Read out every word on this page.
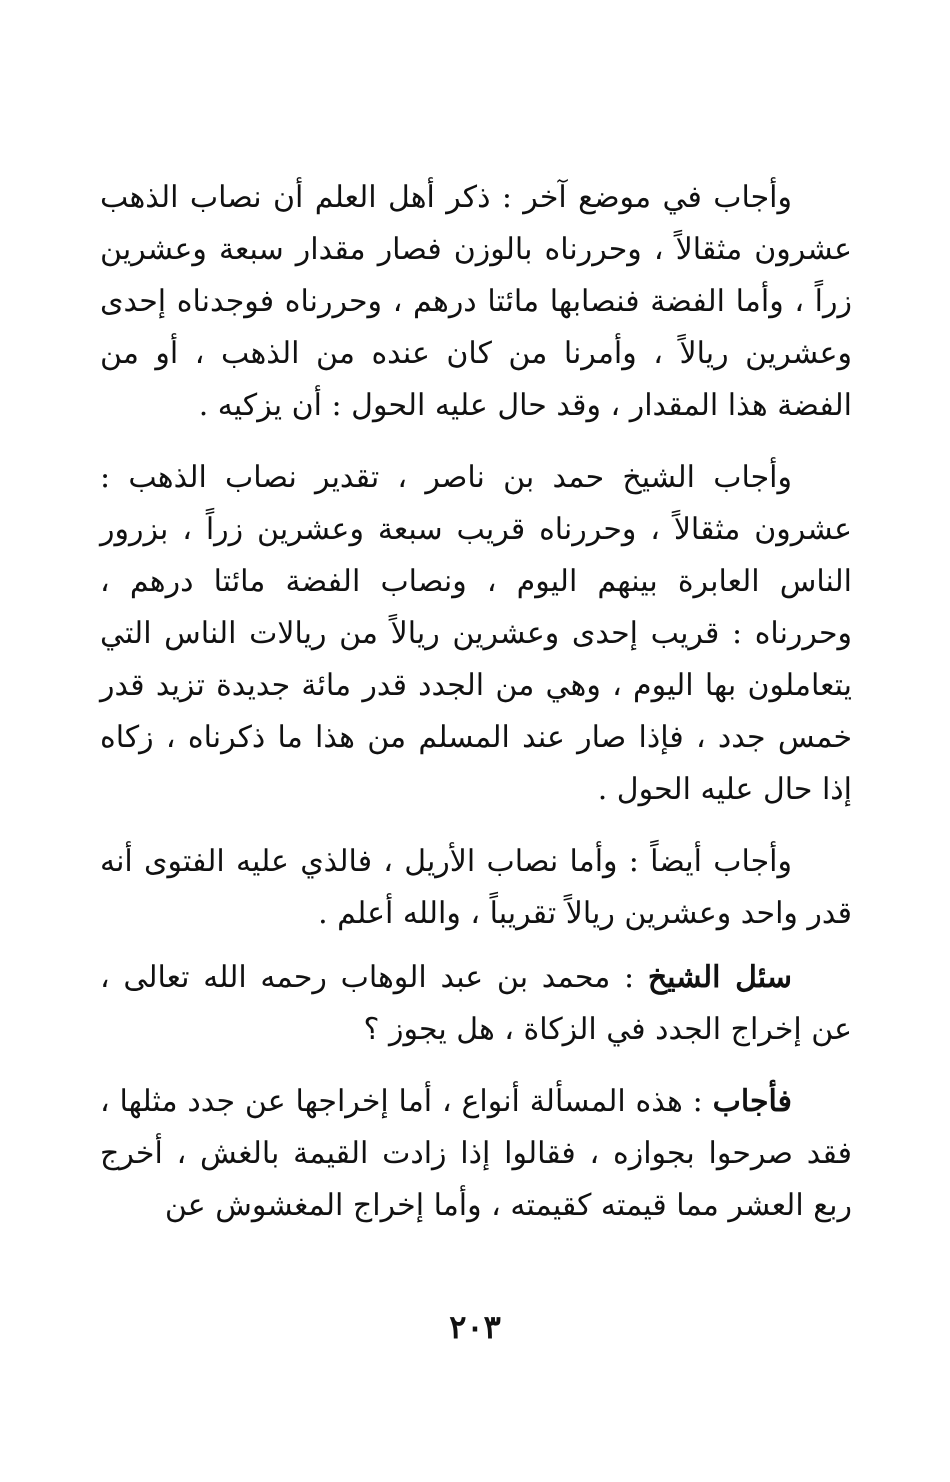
وأجاب في موضع آخر : ذكر أهل العلم أن نصاب الذهب عشرون مثقالاً ، وحررناه بالوزن فصار مقدار سبعة وعشرين زراً ، وأما الفضة فنصابها مائتا درهم ، وحررناه فوجدناه إحدى وعشرين ريالاً ، وأمرنا من كان عنده من الذهب ، أو من الفضة هذا المقدار ، وقد حال عليه الحول : أن يزكيه .

وأجاب الشيخ حمد بن ناصر ، تقدير نصاب الذهب : عشرون مثقالاً ، وحررناه قريب سبعة وعشرين زراً ، بزرور الناس العابرة بينهم اليوم ، ونصاب الفضة مائتا درهم ، وحررناه : قريب إحدى وعشرين ريالاً من ريالات الناس التي يتعاملون بها اليوم ، وهي من الجدد قدر مائة جديدة تزيد قدر خمس جدد ، فإذا صار عند المسلم من هذا ما ذكرناه ، زكاه إذا حال عليه الحول .

وأجاب أيضاً : وأما نصاب الأريل ، فالذي عليه الفتوى أنه قدر واحد وعشرين ريالاً تقريباً ، والله أعلم .

سئل الشيخ : محمد بن عبد الوهاب رحمه الله تعالى ، عن إخراج الجدد في الزكاة ، هل يجوز ؟

فأجاب : هذه المسألة أنواع ، أما إخراجها عن جدد مثلها ، فقد صرحوا بجوازه ، فقالوا إذا زادت القيمة بالغش ، أخرج ربع العشر مما قيمته كقيمته ، وأما إخراج المغشوش عن

٢٠٣
